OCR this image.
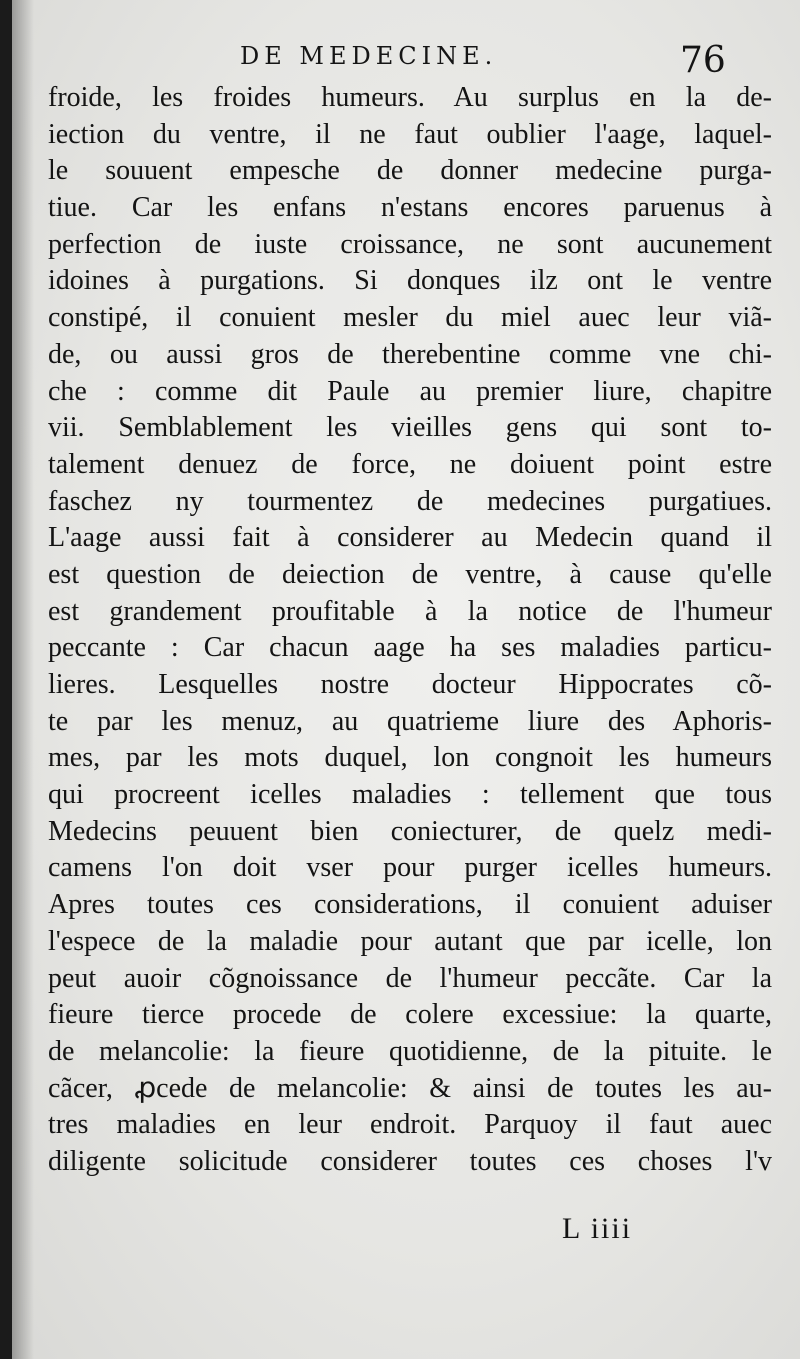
DE MEDECINE.	76
froide, les froides humeurs. Au surplus en la de-
iection du ventre, il ne faut oublier l'aage, laquel-
le souuent empesche de donner medecine purga-
tiue. Car les enfans n'estans encores paruenus à
perfection de iuste croissance, ne sont aucunement
idoines à purgations. Si donques ilz ont le ventre
constipé, il conuient mesler du miel auec leur viã-
de, ou aussi gros de therebentine comme vne chi-
che : comme dit Paule au premier liure, chapitre
vii. Semblablement les vieilles gens qui sont to-
talement denuez de force, ne doiuent point estre
faschez ny tourmentez de medecines purgatiues.
L'aage aussi fait à considerer au Medecin quand il
est question de deiection de ventre, à cause qu'elle
est grandement proufitable à la notice de l'humeur
peccante : Car chacun aage ha ses maladies particu-
lieres. Lesquelles nostre docteur Hippocrates cõ-
te par les menuz, au quatrieme liure des Aphoris-
mes, par les mots duquel, lon congnoit les humeurs
qui procreent icelles maladies : tellement que tous
Medecins peuuent bien coniecturer, de quelz medi-
camens l'on doit vser pour purger icelles humeurs.
Apres toutes ces considerations, il conuient aduiser
l'espece de la maladie pour autant que par icelle, lon
peut auoir cõgnoissance de l'humeur peccãte. Car la
fieure tierce procede de colere excessiue: la quarte,
de melancolie: la fieure quotidienne, de la pituite. le
cãcer, ꝓcede de melancolie: & ainsi de toutes les au-
tres maladies en leur endroit. Parquoy il faut auec
diligente solicitude considerer toutes ces choses l'v
L iiii
